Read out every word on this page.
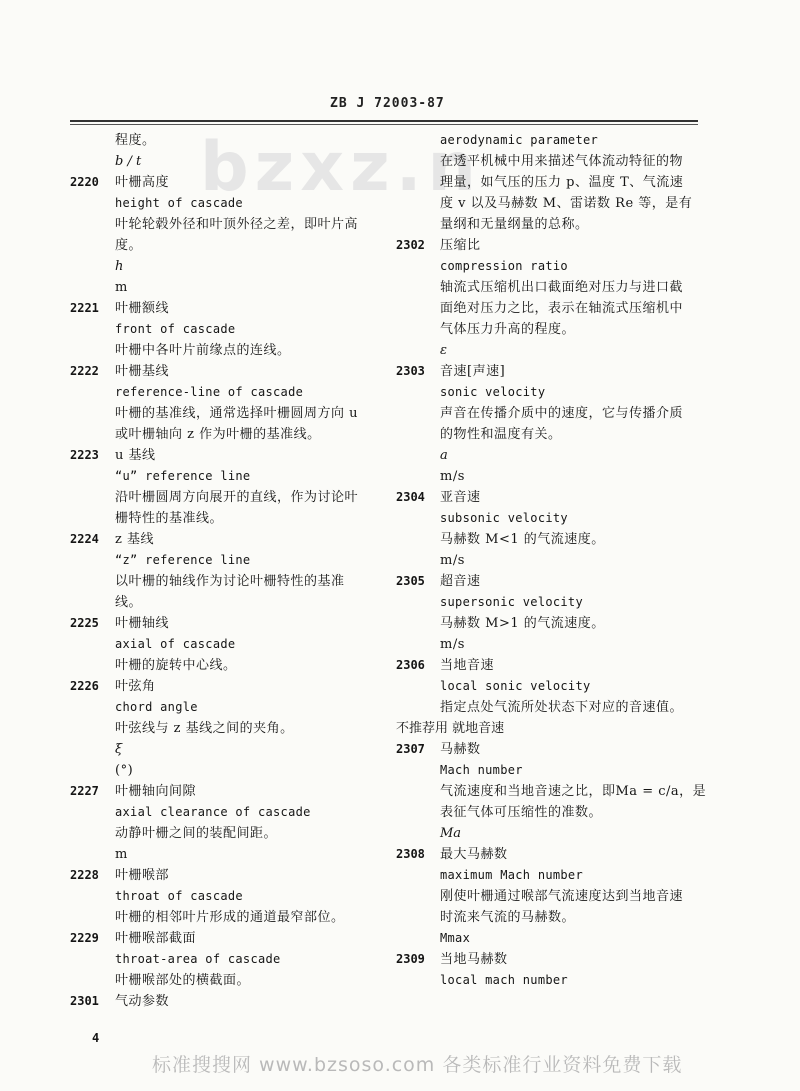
bzxz.n
ZB J 72003-87
程度。
b / t
2220 叶栅高度
height of cascade
叶轮轮毂外径和叶顶外径之差，即叶片高
度。
h
m
2221 叶栅额线
front of cascade
叶栅中各叶片前缘点的连线。
2222 叶栅基线
reference-line of cascade
叶栅的基准线，通常选择叶栅圆周方向 u
或叶栅轴向 z 作为叶栅的基准线。
2223 u 基线
“u” reference line
沿叶栅圆周方向展开的直线，作为讨论叶
栅特性的基准线。
2224 z 基线
“z” reference line
以叶栅的轴线作为讨论叶栅特性的基准
线。
2225 叶栅轴线
axial of cascade
叶栅的旋转中心线。
2226 叶弦角
chord angle
叶弦线与 z 基线之间的夹角。
ξ
(°)
2227 叶栅轴向间隙
axial clearance of cascade
动静叶栅之间的装配间距。
m
2228 叶栅喉部
throat of cascade
叶栅的相邻叶片形成的通道最窄部位。
2229 叶栅喉部截面
throat-area of cascade
叶栅喉部处的横截面。
2301 气动参数
aerodynamic parameter
在透平机械中用来描述气体流动特征的物
理量，如气压的压力 p、温度 T、气流速
度 v 以及马赫数 M、雷诺数 Re 等，是有
量纲和无量纲量的总称。
2302 压缩比
compression ratio
轴流式压缩机出口截面绝对压力与进口截
面绝对压力之比，表示在轴流式压缩机中
气体压力升高的程度。
ε
2303 音速[声速]
sonic velocity
声音在传播介质中的速度，它与传播介质
的物性和温度有关。
a
m/s
2304 亚音速
subsonic velocity
马赫数 M<1 的气流速度。
m/s
2305 超音速
supersonic velocity
马赫数 M>1 的气流速度。
m/s
2306 当地音速
local sonic velocity
指定点处气流所处状态下对应的音速值。
不推荐用 就地音速
2307 马赫数
Mach number
气流速度和当地音速之比，即Ma = c/a，是
表征气体可压缩性的准数。
Ma
2308 最大马赫数
maximum Mach number
刚使叶栅通过喉部气流速度达到当地音速
时流来气流的马赫数。
Mmax
2309 当地马赫数
local mach number
4
标准搜搜网 www.bzsoso.com 各类标准行业资料免费下载
